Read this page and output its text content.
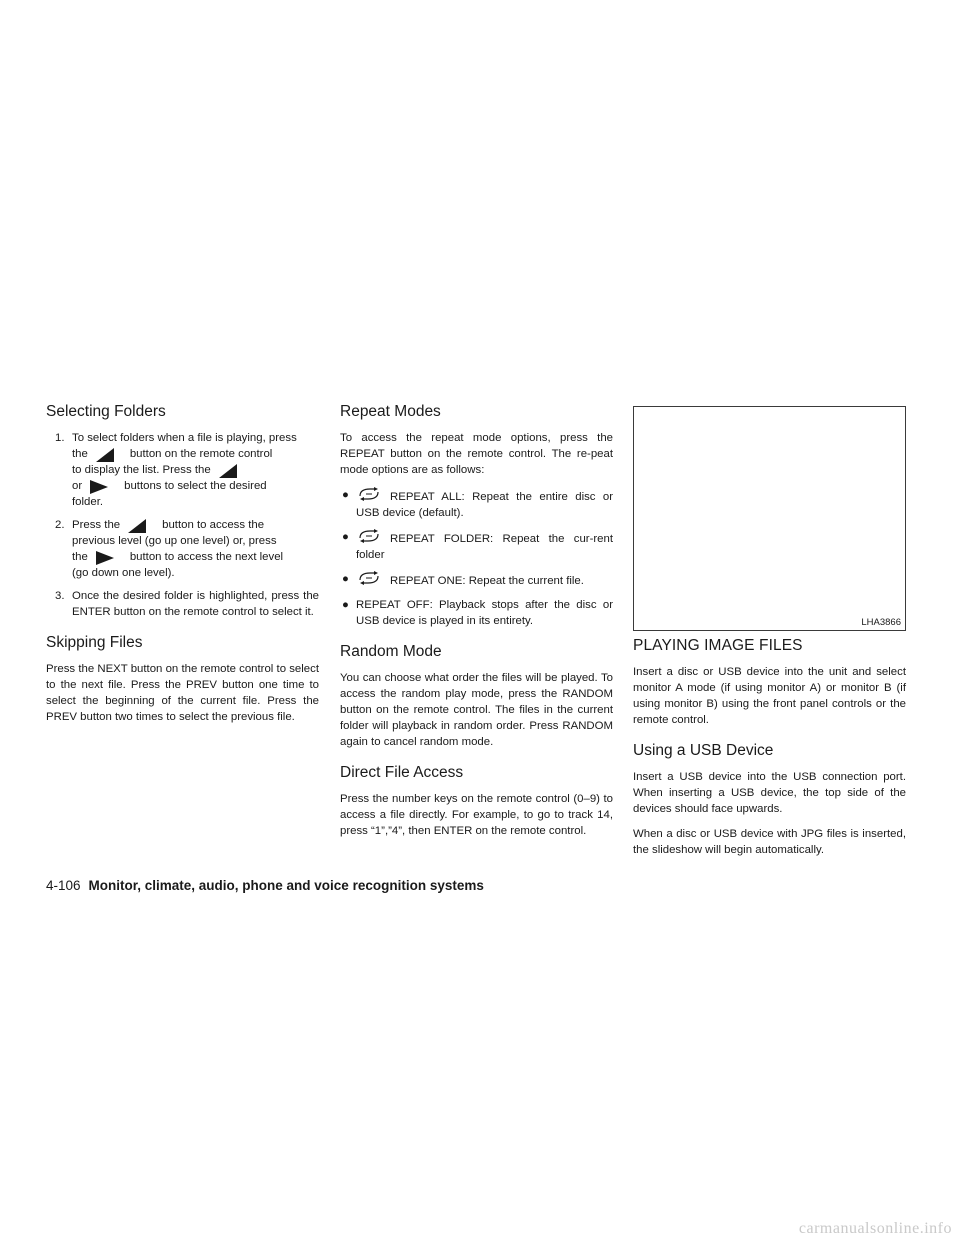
Selecting Folders
1. To select folders when a file is playing, press
the	button on the remote control
to display the list. Press the
or	buttons to select the desired
folder.
2. Press the	button to access the
previous level (go up one level) or, press
the	button to access the next level
(go down one level).
3. Once the desired folder is highlighted, press the ENTER button on the remote control to select it.
Skipping Files

Press the NEXT button on the remote control to select to the next file. Press the PREV button one time to select the beginning of the current file. Press the PREV button two times to select the previous file.

Repeat Modes

To access the repeat mode options, press the REPEAT button on the remote control. The re-peat mode options are as follows:

●	REPEAT ALL: Repeat the entire disc or USB device (default).
●	REPEAT FOLDER: Repeat the cur-rent folder
●	REPEAT ONE: Repeat the current file.
● REPEAT OFF: Playback stops after the disc or USB device is played in its entirety.
Random Mode

You can choose what order the files will be played. To access the random play mode, press the RANDOM button on the remote control. The files in the current folder will playback in random order. Press RANDOM again to cancel random mode.

Direct File Access

Press the number keys on the remote control (0–9) to access a file directly. For example, to go to track 14, press “1”,”4”, then ENTER on the remote control.

LHA3866
PLAYING IMAGE FILES

Insert a disc or USB device into the unit and select monitor A mode (if using monitor A) or monitor B (if using monitor B) using the front panel controls or the remote control.

Using a USB Device

Insert a USB device into the USB connection port. When inserting a USB device, the top side of the devices should face upwards.

When a disc or USB device with JPG files is inserted, the slideshow will begin automatically.

4-106 Monitor, climate, audio, phone and voice recognition systems
carmanualsonline.info
